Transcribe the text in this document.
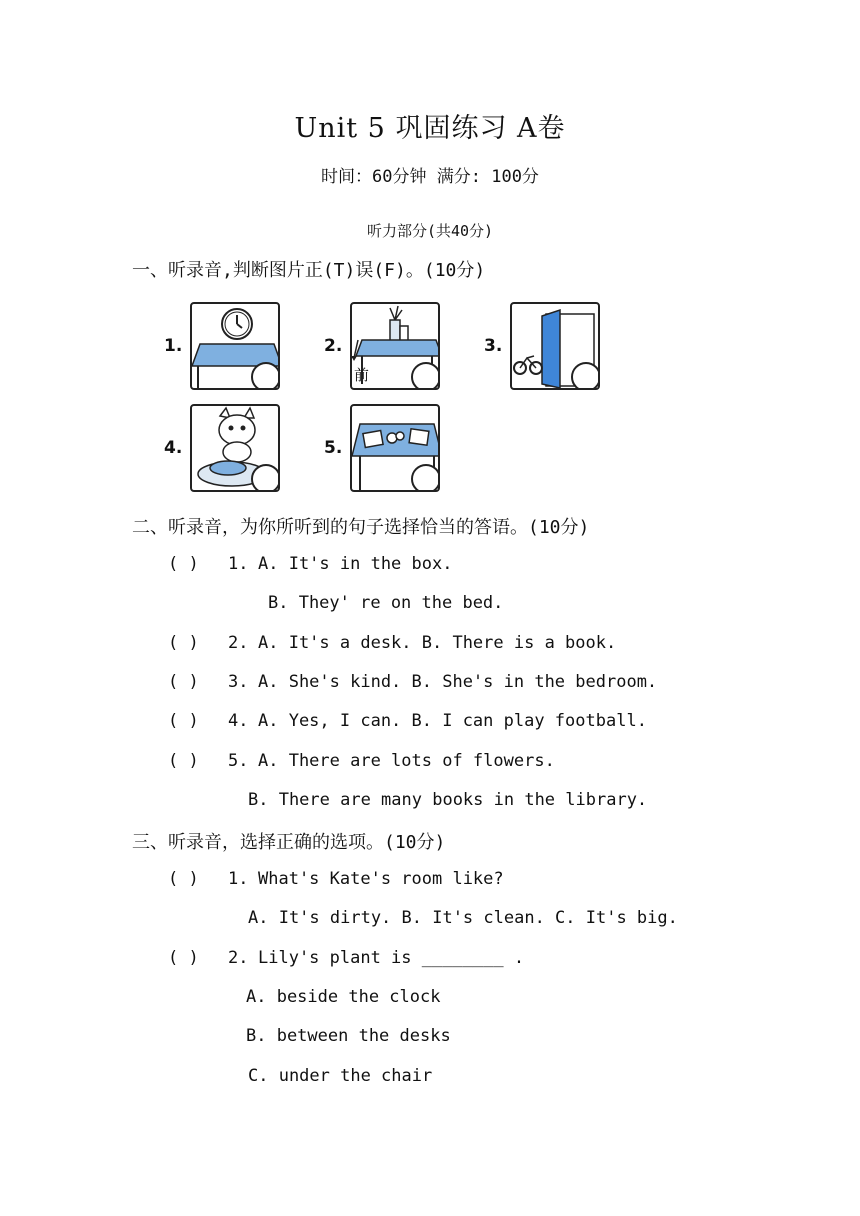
Unit 5 巩固练习 A卷
时间：60分钟 满分: 100分
听力部分(共40分)
一、听录音,判断图片正(T)误(F)。(10分)
1.	2.
前
3.
4.	5.
二、听录音，为你所听到的句子选择恰当的答语。(10分)
( ) 1. A. It's in the box.
B. They' re on the bed.
( ) 2. A. It's a desk. B. There is a book.
( ) 3. A. She's kind. B. She's in the bedroom.
( ) 4. A. Yes, I can. B. I can play football.
( ) 5. A. There are lots of flowers.
B. There are many books in the library.
三、听录音，选择正确的选项。(10分)
( ) 1. What's Kate's room like?
A. It's dirty. B. It's clean. C. It's big.
( ) 2. Lily's plant is ________ .
A. beside the clock
B. between the desks
C. under the chair
